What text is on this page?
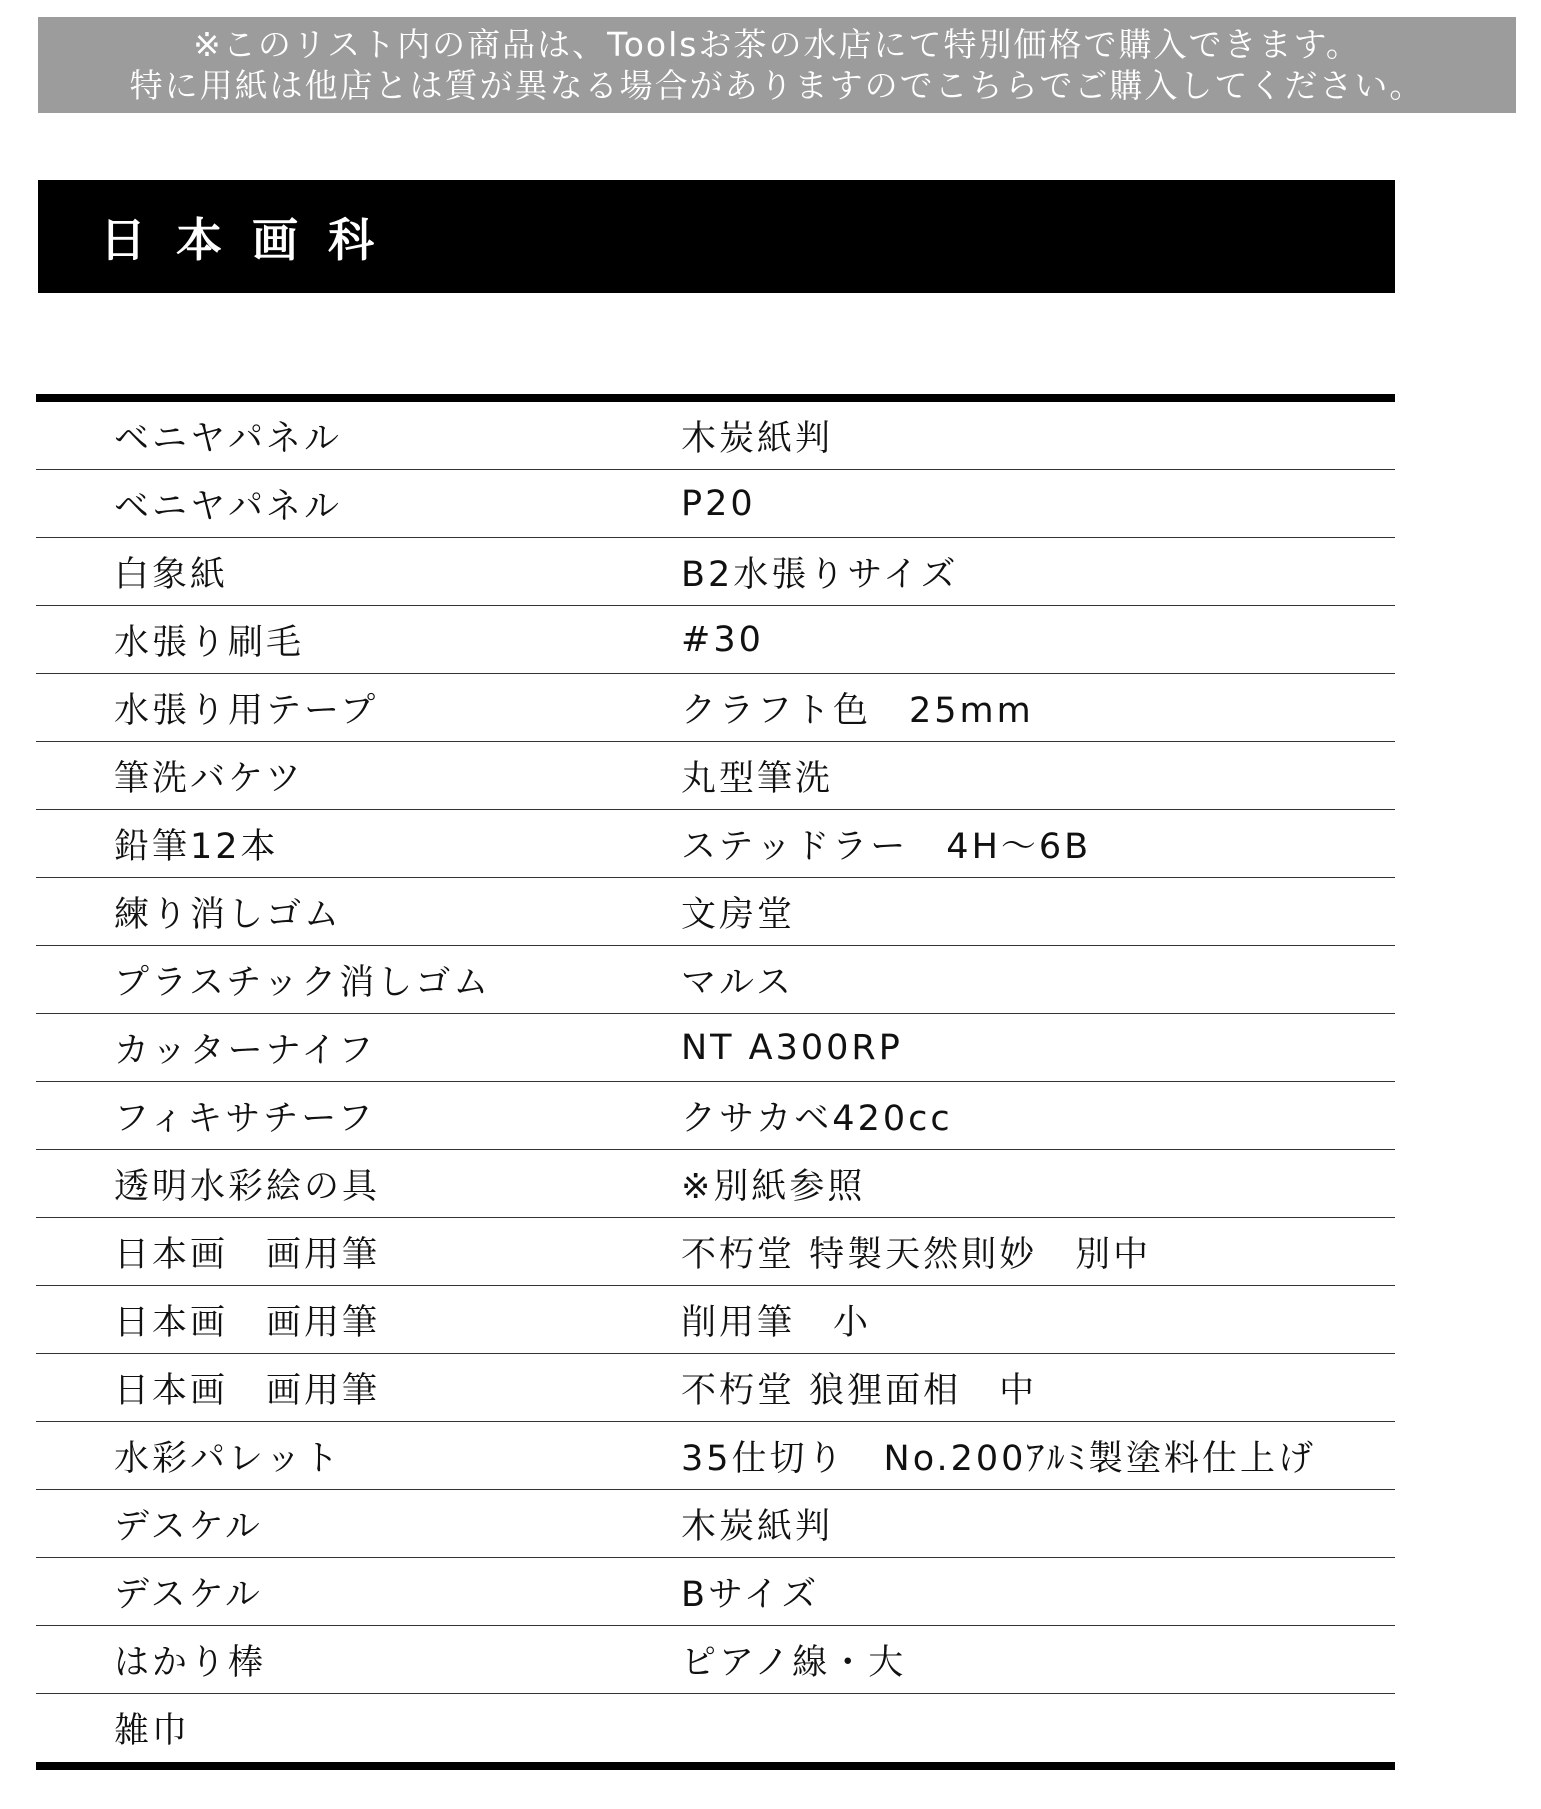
※このリスト内の商品は、Toolsお茶の水店にて特別価格で購入できます。
特に用紙は他店とは質が異なる場合がありますのでこちらでご購入してください。
日本画科
ベニヤパネル	木炭紙判
ベニヤパネル	P20
白象紙	B2水張りサイズ
水張り刷毛	#30
水張り用テープ	クラフト色　25mm
筆洗バケツ	丸型筆洗
鉛筆12本	ステッドラー　4H～6B
練り消しゴム	文房堂
プラスチック消しゴム	マルス
カッターナイフ	NT A300RP
フィキサチーフ	クサカベ420cc
透明水彩絵の具	※別紙参照
日本画　画用筆	不朽堂 特製天然則妙　別中
日本画　画用筆	削用筆　小
日本画　画用筆	不朽堂 狼狸面相　中
水彩パレット	35仕切り　No.200ｱﾙﾐ製塗料仕上げ
デスケル	木炭紙判
デスケル	Bサイズ
はかり棒	ピアノ線・大
雑巾
